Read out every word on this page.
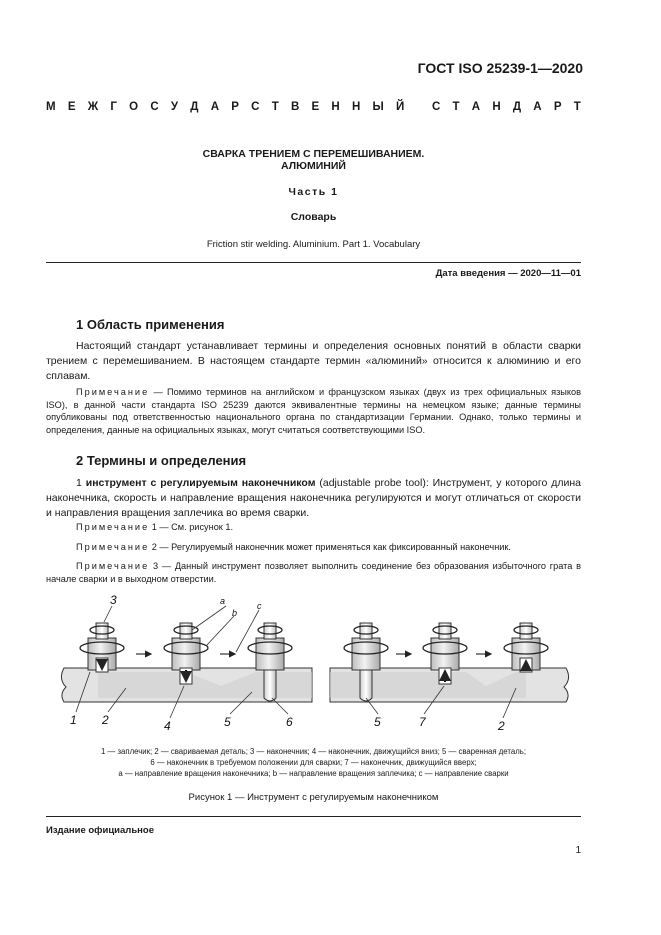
ГОСТ ISO 25239-1—2020
М Е Ж Г О С У Д А Р С Т В Е Н Н Ы Й
С Т А Н Д А Р Т
СВАРКА ТРЕНИЕМ С ПЕРЕМЕШИВАНИЕМ.
АЛЮМИНИЙ
Часть 1
Словарь
Friction stir welding. Aluminium. Part 1. Vocabulary
Дата введения — 2020—11—01
1 Область применения
Настоящий стандарт устанавливает термины и определения основных понятий в области сварки трением с перемешиванием. В настоящем стандарте термин «алюминий» относится к алюминию и его сплавам.
Примечание — Помимо терминов на английском и французском языках (двух из трех официальных языков ISO), в данной части стандарта ISO 25239 даются эквивалентные термины на немецком языке; данные термины опубликованы под ответственностью национального органа по стандартизации Германии. Однако, только термины и определения, данные на официальных языках, могут считаться соответствующими ISO.
2 Термины и определения
1 инструмент с регулируемым наконечником (adjustable probe tool): Инструмент, у которого длина наконечника, скорость и направление вращения наконечника регулируются и могут отличаться от скорости и направления вращения заплечика во время сварки.
Примечание 1 — См. рисунок 1.
Примечание 2 — Регулируемый наконечник может применяться как фиксированный наконечник.
Примечание 3 — Данный инструмент позволяет выполнить соединение без образования избыточного грата в начале сварки и в выходном отверстии.
3	a
b
c
1 2	4	5	6	5	7	2
1 — заплечик; 2 — свариваемая деталь; 3 — наконечник; 4 — наконечник, движущийся вниз; 5 — сваренная деталь;
6 — наконечник в требуемом положении для сварки; 7 — наконечник, движущийся вверх;
a — направление вращения наконечника; b — направление вращения заплечика; c — направление сварки
Рисунок 1 — Инструмент с регулируемым наконечником
Издание официальное
1
